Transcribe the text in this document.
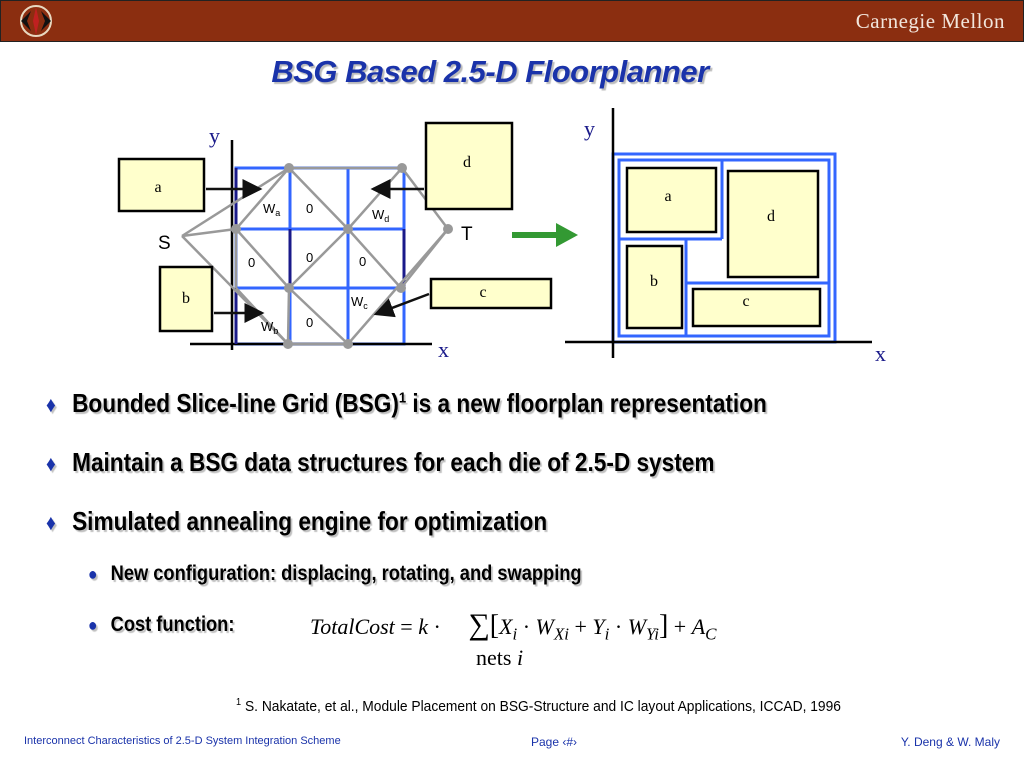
Carnegie Mellon
BSG Based 2.5-D Floorplanner
a
b
d
c
y
x
S	T
$W_a$	$W_d$
$W_c$
$W_b$
0
0	0	0
0
a
d
b
c
y
x
♦ Bounded Slice-line Grid (BSG)$^1$ is a new floorplan representation
♦ Maintain a BSG data structures for each die of 2.5-D system
♦ Simulated annealing engine for optimization
● New configuration: displacing, rotating, and swapping
● Cost function:	TotalCost = $k \cdot \sum[X_i \cdot W_{Xi} + Y_i \cdot W_{Yi}] + A_C$
nets i
$^1$ S. Nakatate, et al., Module Placement on BSG-Structure and IC layout Applications, ICCAD, 1996
Interconnect Characteristics of 2.5-D System Integration Scheme	Page ‹#›	Y. Deng & W. Maly
